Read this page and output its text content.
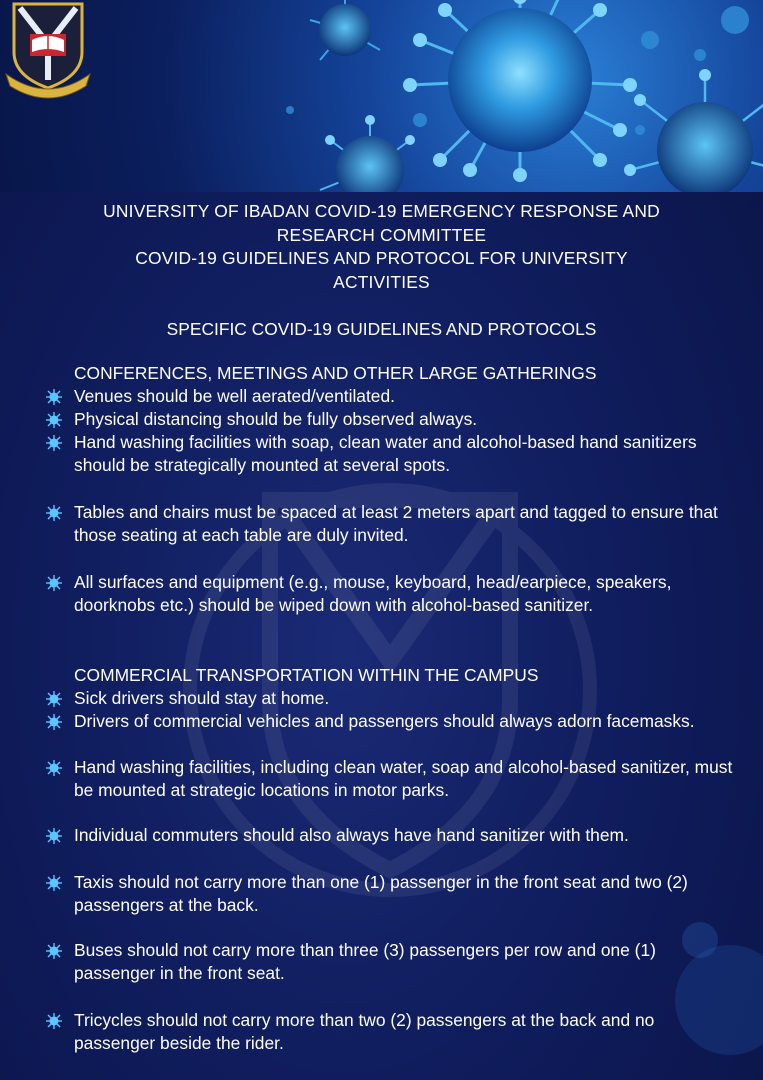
UNIVERSITY OF IBADAN COVID-19 EMERGENCY RESPONSE AND
RESEARCH COMMITTEE
COVID-19 GUIDELINES AND PROTOCOL FOR UNIVERSITY
ACTIVITIES
SPECIFIC COVID-19 GUIDELINES AND PROTOCOLS
CONFERENCES, MEETINGS AND OTHER LARGE GATHERINGS
Venues should be well aerated/ventilated.
Physical distancing should be fully observed always.
Hand washing facilities with soap, clean water and alcohol-based hand sanitizers should be strategically mounted at several spots.
Tables and chairs must be spaced at least 2 meters apart and tagged to ensure that those seating at each table are duly invited.
All surfaces and equipment (e.g., mouse, keyboard, head/earpiece, speakers, doorknobs etc.) should be wiped down with alcohol-based sanitizer.
COMMERCIAL TRANSPORTATION WITHIN THE CAMPUS
Sick drivers should stay at home.
Drivers of commercial vehicles and passengers should always adorn facemasks.
Hand washing facilities, including clean water, soap and alcohol-based sanitizer, must be mounted at strategic locations in motor parks.
Individual commuters should also always have hand sanitizer with them.
Taxis should not carry more than one (1) passenger in the front seat and two (2) passengers at the back.
Buses should not carry more than three (3) passengers per row and one (1) passenger in the front seat.
Tricycles should not carry more than two (2) passengers at the back and no passenger beside the rider.
